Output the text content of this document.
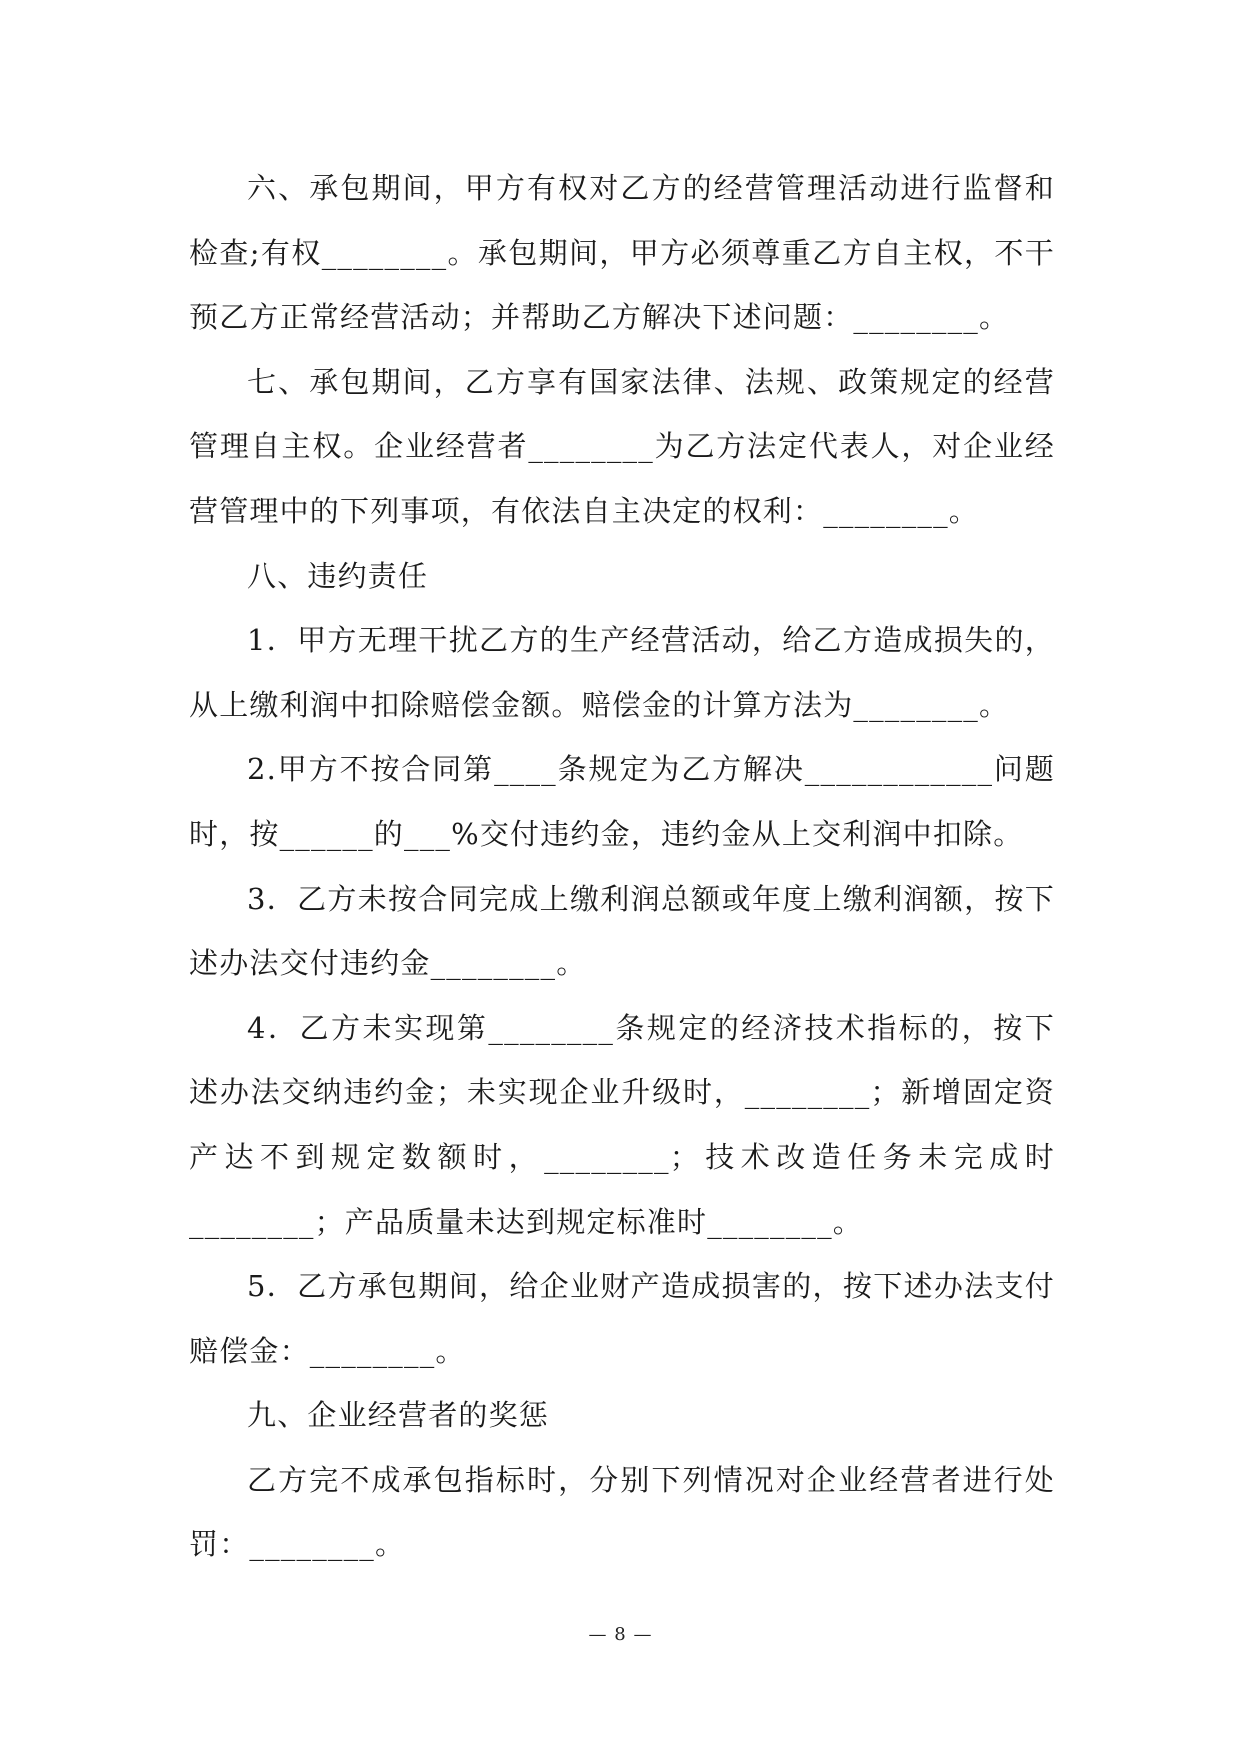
六、承包期间，甲方有权对乙方的经营管理活动进行监督和检查;有权________。承包期间，甲方必须尊重乙方自主权，不干预乙方正常经营活动；并帮助乙方解决下述问题：________。

七、承包期间，乙方享有国家法律、法规、政策规定的经营管理自主权。企业经营者________为乙方法定代表人，对企业经营管理中的下列事项，有依法自主决定的权利：________。

八、违约责任

1．甲方无理干扰乙方的生产经营活动，给乙方造成损失的，从上缴利润中扣除赔偿金额。赔偿金的计算方法为________。

2.甲方不按合同第____条规定为乙方解决____________问题时，按______的___%交付违约金，违约金从上交利润中扣除。

3．乙方未按合同完成上缴利润总额或年度上缴利润额，按下述办法交付违约金________。

4．乙方未实现第________条规定的经济技术指标的，按下述办法交纳违约金；未实现企业升级时，________；新增固定资产达不到规定数额时，________；技术改造任务未完成时________；产品质量未达到规定标准时________。

5．乙方承包期间，给企业财产造成损害的，按下述办法支付赔偿金：________。

九、企业经营者的奖惩

乙方完不成承包指标时，分别下列情况对企业经营者进行处罚：________。

— 8 —
